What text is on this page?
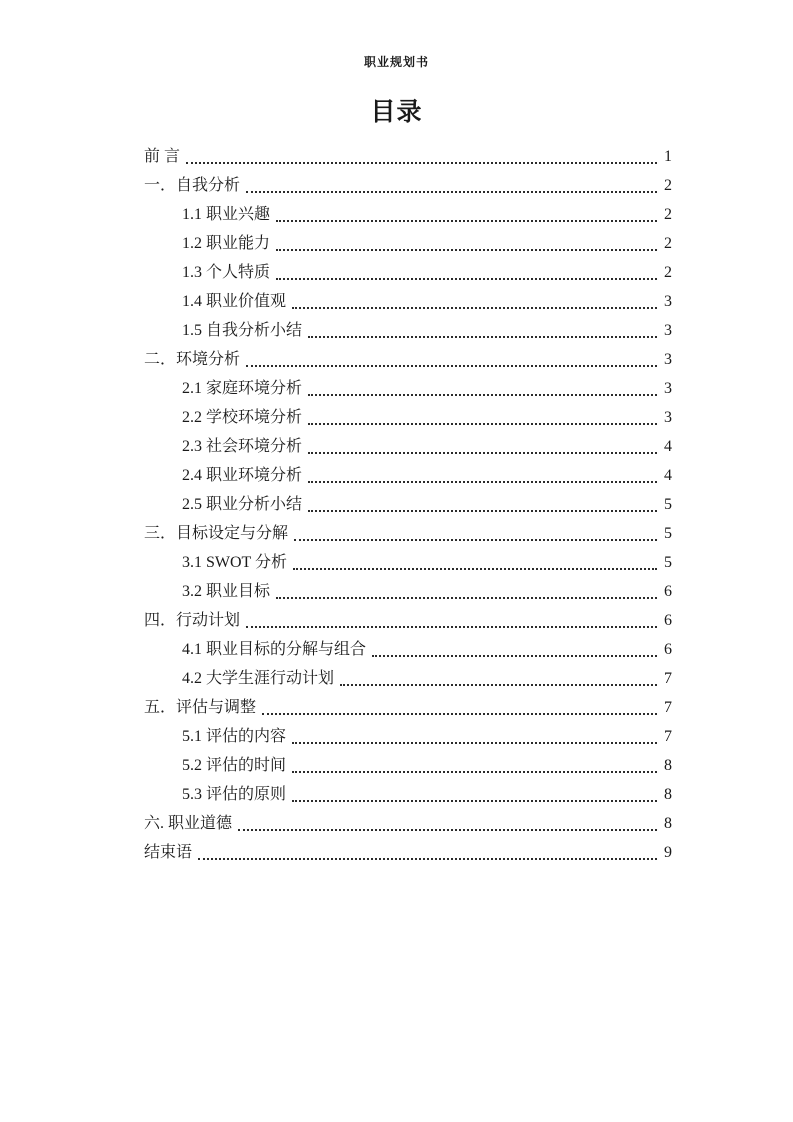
职业规划书
目录
前 言	1
一．自我分析	2
1.1 职业兴趣	2
1.2 职业能力	2
1.3 个人特质	2
1.4 职业价值观	3
1.5 自我分析小结	3
二．环境分析	3
2.1 家庭环境分析	3
2.2 学校环境分析	3
2.3 社会环境分析	4
2.4 职业环境分析	4
2.5 职业分析小结	5
三．目标设定与分解	5
3.1 SWOT 分析	5
3.2 职业目标	6
四．行动计划	6
4.1 职业目标的分解与组合	6
4.2 大学生涯行动计划	7
五．评估与调整	7
5.1 评估的内容	7
5.2 评估的时间	8
5.3 评估的原则	8
六. 职业道德	8
结束语	9
